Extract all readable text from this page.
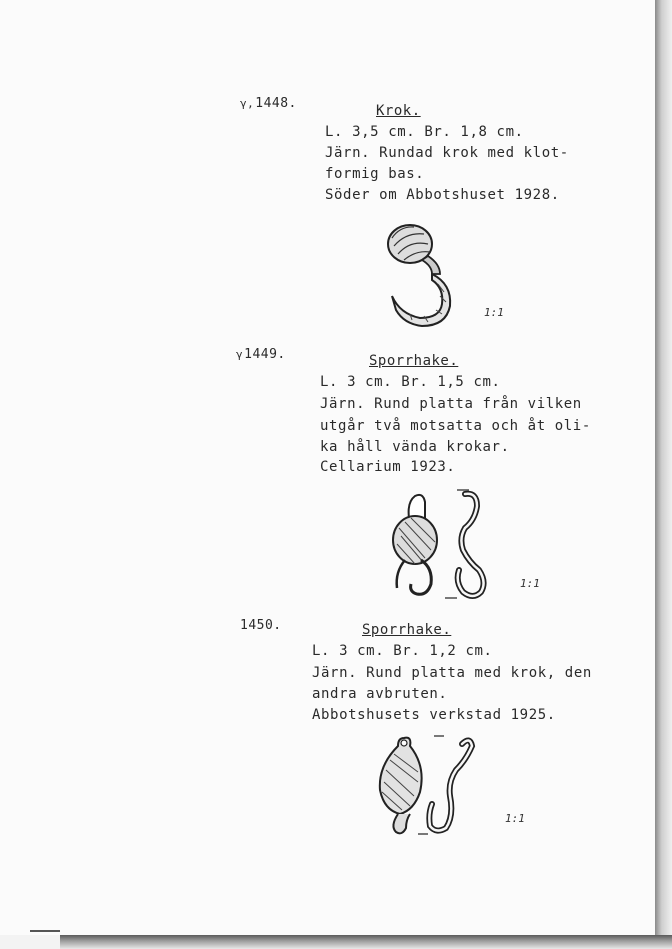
γ,1448.	Krok.
L. 3,5 cm. Br. 1,8 cm.
Järn. Rundad krok med klot-
formig bas.
Söder om Abbotshuset 1928.
1:1
γ1449.	Sporrhake.
L. 3 cm. Br. 1,5 cm.
Järn. Rund platta från vilken
utgår två motsatta och åt oli-
ka håll vända krokar.
Cellarium 1923.
1:1
1450.	Sporrhake.
L. 3 cm. Br. 1,2 cm.
Järn. Rund platta med krok, den
andra avbruten.
Abbotshusets verkstad 1925.
1:1
